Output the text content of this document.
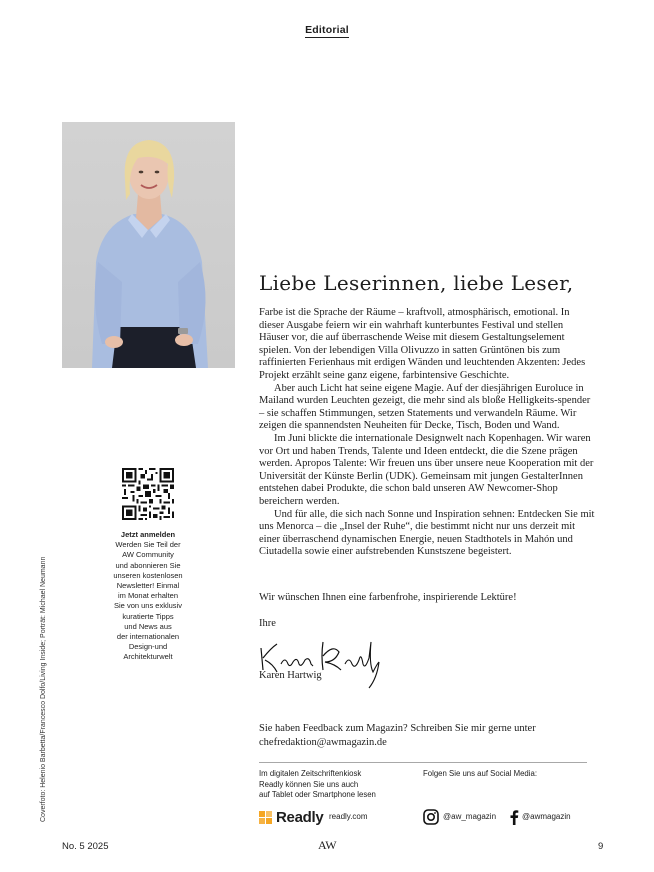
Editorial
Coverfoto: Helenio Barbetta/Francesco Dolfo/Living Inside; Porträt: Michael Neumann
Jetzt anmelden
Werden Sie Teil der
AW Community
und abonnieren Sie
unseren kostenlosen
Newsletter! Einmal
im Monat erhalten
Sie von uns exklusiv
kuratierte Tipps
und News aus
der internationalen
Design-und
Architekturwelt
Liebe Leserinnen, liebe Leser,

Farbe ist die Sprache der Räume – kraftvoll, atmosphärisch, emotional. In dieser Ausgabe feiern wir ein wahrhaft kunterbuntes Festival und stellen Häuser vor, die auf überraschende Weise mit diesem Gestaltungselement spielen. Von der lebendigen Villa Olivuzzo in satten Grüntönen bis zum raffinierten Ferienhaus mit erdigen Wänden und leuchtenden Akzenten: Jedes Projekt erzählt seine ganz eigene, farbintensive Geschichte.

Aber auch Licht hat seine eigene Magie. Auf der diesjährigen Euroluce in Mailand wurden Leuchten gezeigt, die mehr sind als bloße Helligkeits-spender – sie schaffen Stimmungen, setzen Statements und verwandeln Räume. Wir zeigen die spannendsten Neuheiten für Decke, Tisch, Boden und Wand.

Im Juni blickte die internationale Designwelt nach Kopenhagen. Wir waren vor Ort und haben Trends, Talente und Ideen entdeckt, die die Szene prägen werden. Apropos Talente: Wir freuen uns über unsere neue Kooperation mit der Universität der Künste Berlin (UDK). Gemeinsam mit jungen GestalterInnen entstehen dabei Produkte, die schon bald unseren AW Newcomer-Shop bereichern werden.

Und für alle, die sich nach Sonne und Inspiration sehnen: Entdecken Sie mit uns Menorca – die „Insel der Ruhe“, die bestimmt nicht nur uns derzeit mit einer überraschend dynamischen Energie, neuen Stadthotels in Mahón und Ciutadella sowie einer aufstrebenden Kunstszene begeistert.

Wir wünschen Ihnen eine farbenfrohe, inspirierende Lektüre!
Ihre
Karen Hartwig
Sie haben Feedback zum Magazin? Schreiben Sie mir gerne unter
chefredaktion@awmagazin.de
Im digitalen Zeitschriftenkiosk
Readly können Sie uns auch
auf Tablet oder Smartphone lesen
Folgen Sie uns auf Social Media:
Readly readly.com	@aw_magazin	@awmagazin
No. 5 2025	AW	9
